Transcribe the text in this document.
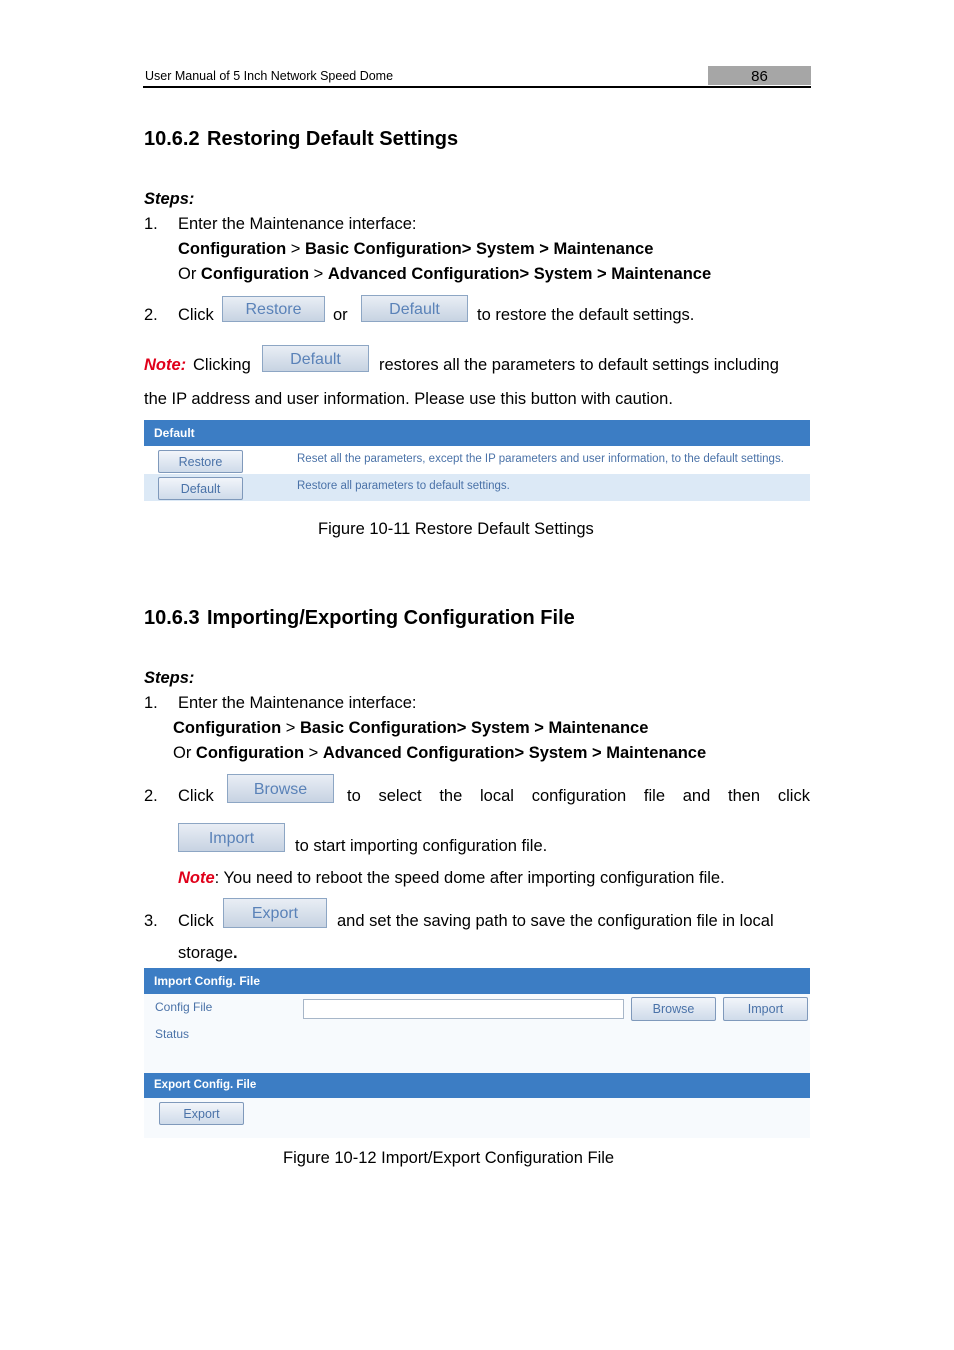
User Manual of 5 Inch Network Speed Dome	86
10.6.2 Restoring Default Settings
Steps:
1. Enter the Maintenance interface:
Configuration > Basic Configuration> System > Maintenance
Or Configuration > Advanced Configuration> System > Maintenance
2. Click	Restore	or	Default	to restore the default settings.
Note: Clicking	Default	restores all the parameters to default settings including
the IP address and user information. Please use this button with caution.
Default
Restore	Reset all the parameters, except the IP parameters and user information, to the default settings.
Default	Restore all parameters to default settings.
Figure 10-11 Restore Default Settings
10.6.3 Importing/Exporting Configuration File
Steps:
1. Enter the Maintenance interface:
Configuration > Basic Configuration> System > Maintenance
Or Configuration > Advanced Configuration> System > Maintenance
2. Click	Browse	to select the local configuration file and then click
Import	to start importing configuration file.
Note: You need to reboot the speed dome after importing configuration file.
3. Click	Export	and set the saving path to save the configuration file in local
storage.
Import Config. File
Config File	Browse	Import
Status
Export Config. File
Export
Figure 10-12 Import/Export Configuration File
